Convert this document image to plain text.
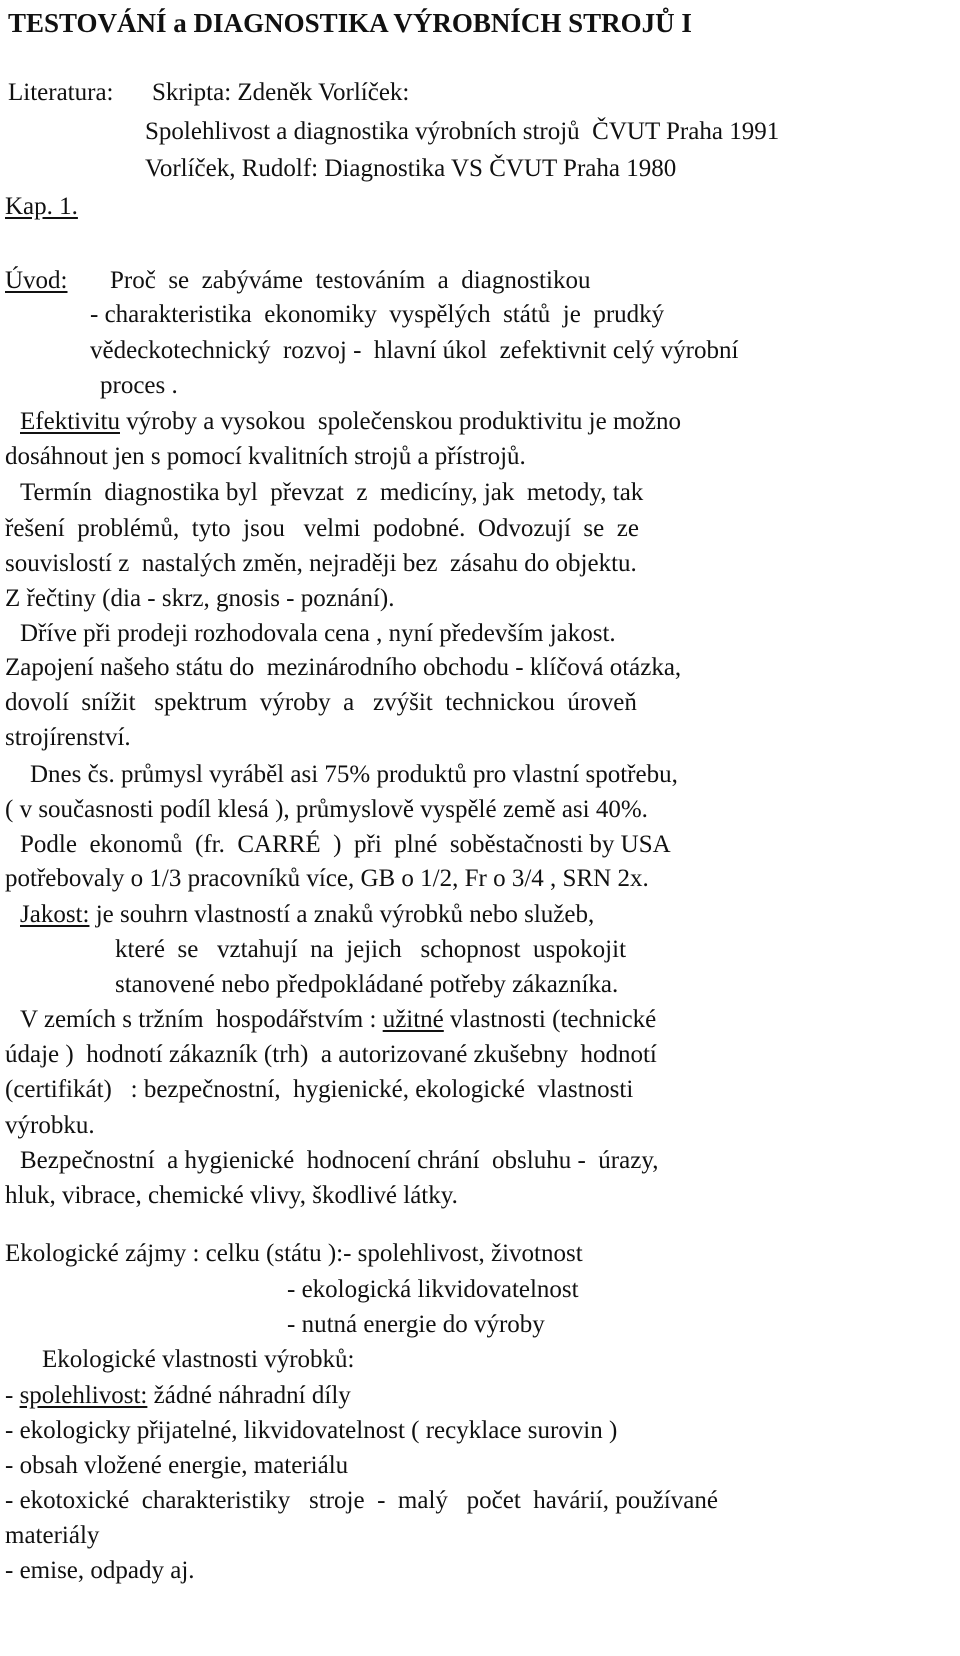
TESTOVÁNÍ a DIAGNOSTIKA VÝROBNÍCH STROJŮ I
Literatura: Skripta: Zdeněk Vorlíček:
Spolehlivost a diagnostika výrobních strojů  ČVUT Praha 1991
Vorlíček, Rudolf: Diagnostika VS ČVUT Praha 1980
Kap. 1.
Úvod: Proč  se  zabýváme  testováním  a  diagnostikou
- charakteristika  ekonomiky  vyspělých  států  je  prudký
vědeckotechnický  rozvoj -  hlavní úkol  zefektivnit celý výrobní
proces .
Efektivitu výroby a vysokou  společenskou produktivitu je možno
dosáhnout jen s pomocí kvalitních strojů a přístrojů.
Termín  diagnostika byl  převzat  z  medicíny, jak  metody, tak
řešení  problémů,  tyto  jsou   velmi  podobné.  Odvozují  se  ze
souvislostí z  nastalých změn, nejraději bez  zásahu do objektu.
Z řečtiny (dia - skrz, gnosis - poznání).
Dříve při prodeji rozhodovala cena , nyní především jakost.
Zapojení našeho státu do  mezinárodního obchodu - klíčová otázka,
dovolí  snížit   spektrum  výroby  a   zvýšit  technickou  úroveň
strojírenství.
Dnes čs. průmysl vyráběl asi 75% produktů pro vlastní spotřebu,
( v současnosti podíl klesá ), průmyslově vyspělé země asi 40%.
Podle  ekonomů  (fr.  CARRÉ  )  při  plné  soběstačnosti by USA
potřebovaly o 1/3 pracovníků více, GB o 1/2, Fr o 3/4 , SRN 2x.
Jakost: je souhrn vlastností a znaků výrobků nebo služeb,
které  se   vztahují  na  jejich   schopnost  uspokojit
stanovené nebo předpokládané potřeby zákazníka.
V zemích s tržním  hospodářstvím : užitné vlastnosti (technické
údaje )  hodnotí zákazník (trh)  a autorizované zkušebny  hodnotí
(certifikát)   : bezpečnostní,  hygienické, ekologické  vlastnosti
výrobku.
Bezpečnostní  a hygienické  hodnocení chrání  obsluhu -  úrazy,
hluk, vibrace, chemické vlivy, škodlivé látky.
Ekologické zájmy : celku (státu ):- spolehlivost, životnost
- ekologická likvidovatelnost
- nutná energie do výroby
Ekologické vlastnosti výrobků:
- spolehlivost: žádné náhradní díly
- ekologicky přijatelné, likvidovatelnost ( recyklace surovin )
- obsah vložené energie, materiálu
- ekotoxické  charakteristiky   stroje  -  malý   počet  havárií, používané
materiály
- emise, odpady aj.
